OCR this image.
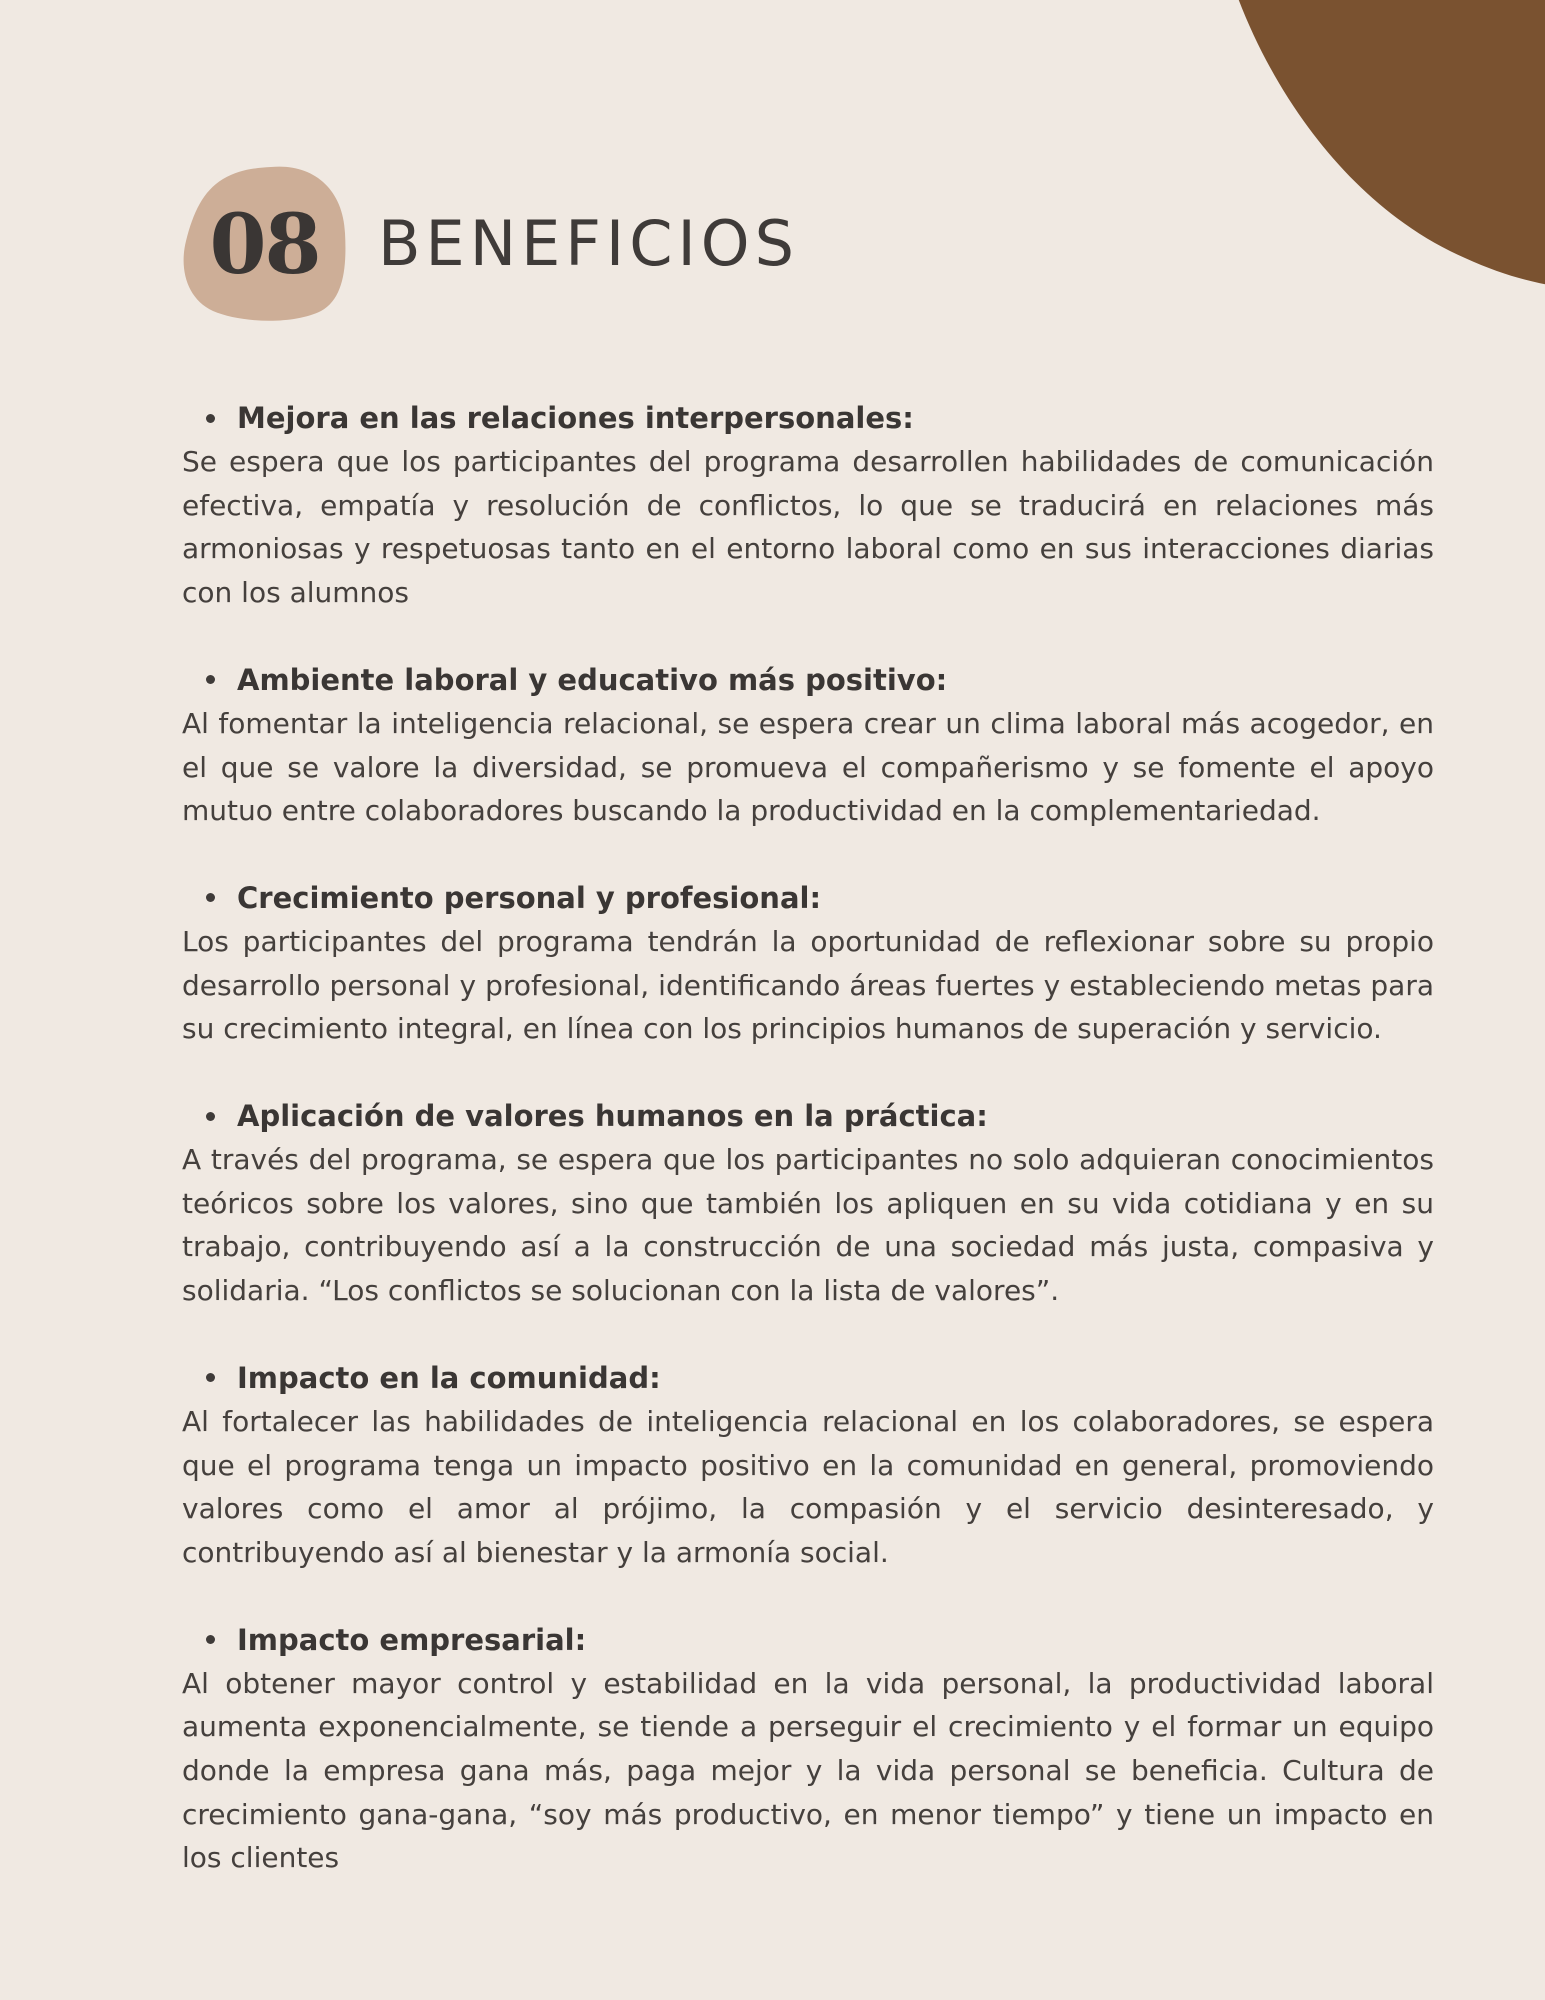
08 BENEFICIOS
Mejora en las relaciones interpersonales:

Se espera que los participantes del programa desarrollen habilidades de comunicación efectiva, empatía y resolución de conflictos, lo que se traducirá en relaciones más armoniosas y respetuosas tanto en el entorno laboral como en sus interacciones diarias con los alumnos

Ambiente laboral y educativo más positivo:

Al fomentar la inteligencia relacional, se espera crear un clima laboral más acogedor, en el que se valore la diversidad, se promueva el compañerismo y se fomente el apoyo mutuo entre colaboradores buscando la productividad en la complementariedad.

Crecimiento personal y profesional:

Los participantes del programa tendrán la oportunidad de reflexionar sobre su propio desarrollo personal y profesional, identificando áreas fuertes y estableciendo metas para su crecimiento integral, en línea con los principios humanos de superación y servicio.

Aplicación de valores humanos en la práctica:

A través del programa, se espera que los participantes no solo adquieran conocimientos teóricos sobre los valores, sino que también los apliquen en su vida cotidiana y en su trabajo, contribuyendo así a la construcción de una sociedad más justa, compasiva y solidaria. “Los conflictos se solucionan con la lista de valores”.

Impacto en la comunidad:

Al fortalecer las habilidades de inteligencia relacional en los colaboradores, se espera que el programa tenga un impacto positivo en la comunidad en general, promoviendo valores como el amor al prójimo, la compasión y el servicio desinteresado, y contribuyendo así al bienestar y la armonía social.

Impacto empresarial:

Al obtener mayor control y estabilidad en la vida personal, la productividad laboral aumenta exponencialmente, se tiende a perseguir el crecimiento y el formar un equipo donde la empresa gana más, paga mejor y la vida personal se beneficia. Cultura de crecimiento gana-gana, “soy más productivo, en menor tiempo” y tiene un impacto en los clientes
